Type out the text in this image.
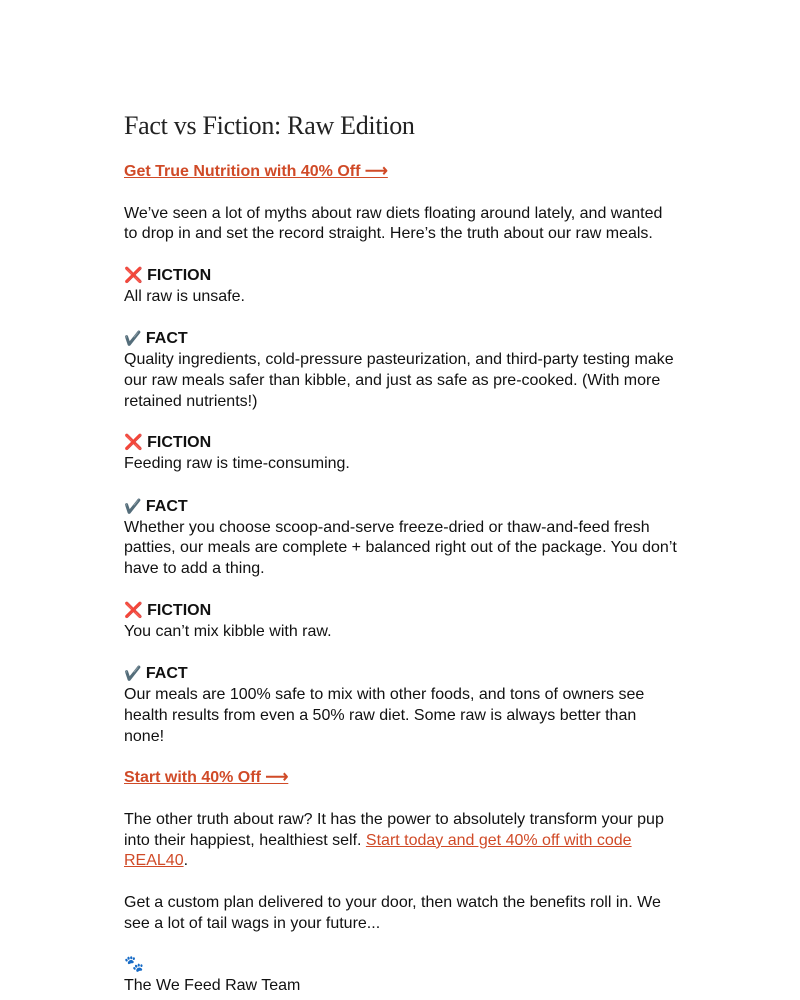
Fact vs Fiction: Raw Edition

Get True Nutrition with 40% Off ⟶

We’ve seen a lot of myths about raw diets floating around lately, and wanted to drop in and set the record straight. Here’s the truth about our raw meals.

❌ FICTION
All raw is unsafe.

✔️ FACT
Quality ingredients, cold-pressure pasteurization, and third-party testing make our raw meals safer than kibble, and just as safe as pre-cooked. (With more retained nutrients!)

❌ FICTION
Feeding raw is time-consuming.

✔️ FACT
Whether you choose scoop-and-serve freeze-dried or thaw-and-feed fresh patties, our meals are complete + balanced right out of the package. You don’t have to add a thing.

❌ FICTION
You can’t mix kibble with raw.

✔️ FACT
Our meals are 100% safe to mix with other foods, and tons of owners see health results from even a 50% raw diet. Some raw is always better than none!

Start with 40% Off ⟶

The other truth about raw? It has the power to absolutely transform your pup into their happiest, healthiest self. Start today and get 40% off with code REAL40.

Get a custom plan delivered to your door, then watch the benefits roll in. We see a lot of tail wags in your future...

🐾
The We Feed Raw Team
